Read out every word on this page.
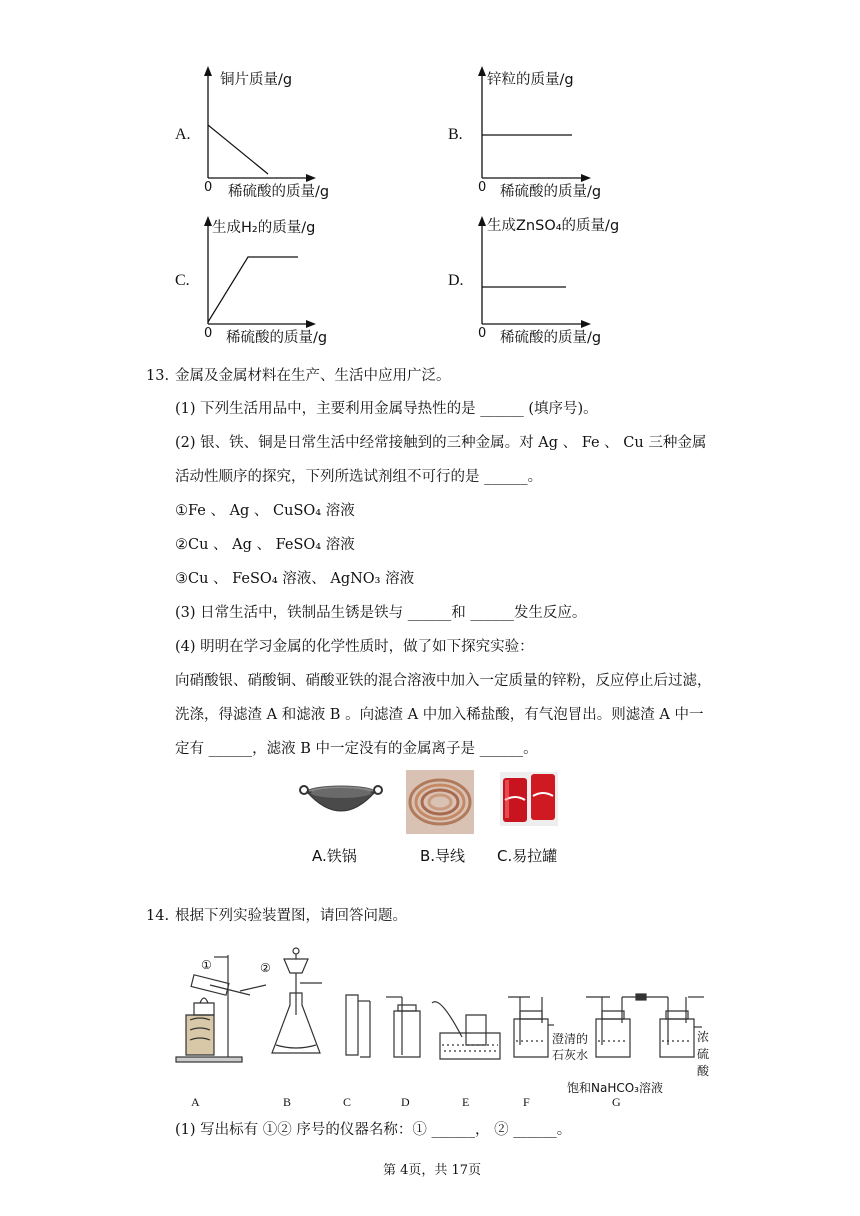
A.
铜片质量/g
0 稀硫酸的质量/g
B.
锌粒的质量/g
0 稀硫酸的质量/g
C.
生成H₂的质量/g
0 稀硫酸的质量/g
D.
生成ZnSO₄的质量/g
0 稀硫酸的质量/g
13. 金属及金属材料在生产、生活中应用广泛。
(1) 下列生活用品中，主要利用金属导热性的是 ______ (填序号)。
(2) 银、铁、铜是日常生活中经常接触到的三种金属。对 Ag 、 Fe 、 Cu 三种金属
活动性顺序的探究，下列所选试剂组不可行的是 ______。
①Fe 、 Ag 、 CuSO₄ 溶液
②Cu 、 Ag 、 FeSO₄ 溶液
③Cu 、 FeSO₄ 溶液、 AgNO₃ 溶液
(3) 日常生活中，铁制品生锈是铁与 ______和 ______发生反应。
(4) 明明在学习金属的化学性质时，做了如下探究实验：
向硝酸银、硝酸铜、硝酸亚铁的混合溶液中加入一定质量的锌粉，反应停止后过滤，
洗涤，得滤渣 A 和滤液 B 。向滤渣 A 中加入稀盐酸，有气泡冒出。则滤渣 A 中一
定有 ______，滤液 B 中一定没有的金属离子是 ______。
A.铁锅	B.导线 C.易拉罐
14. 根据下列实验装置图，请回答问题。
①	②
澄清的
石灰水
饱和NaHCO₃溶液
浓
硫
酸
A	B	C	D	E	F	G
(1) 写出标有 ①② 序号的仪器名称：① ______， ② ______。
第 4页，共 17页
